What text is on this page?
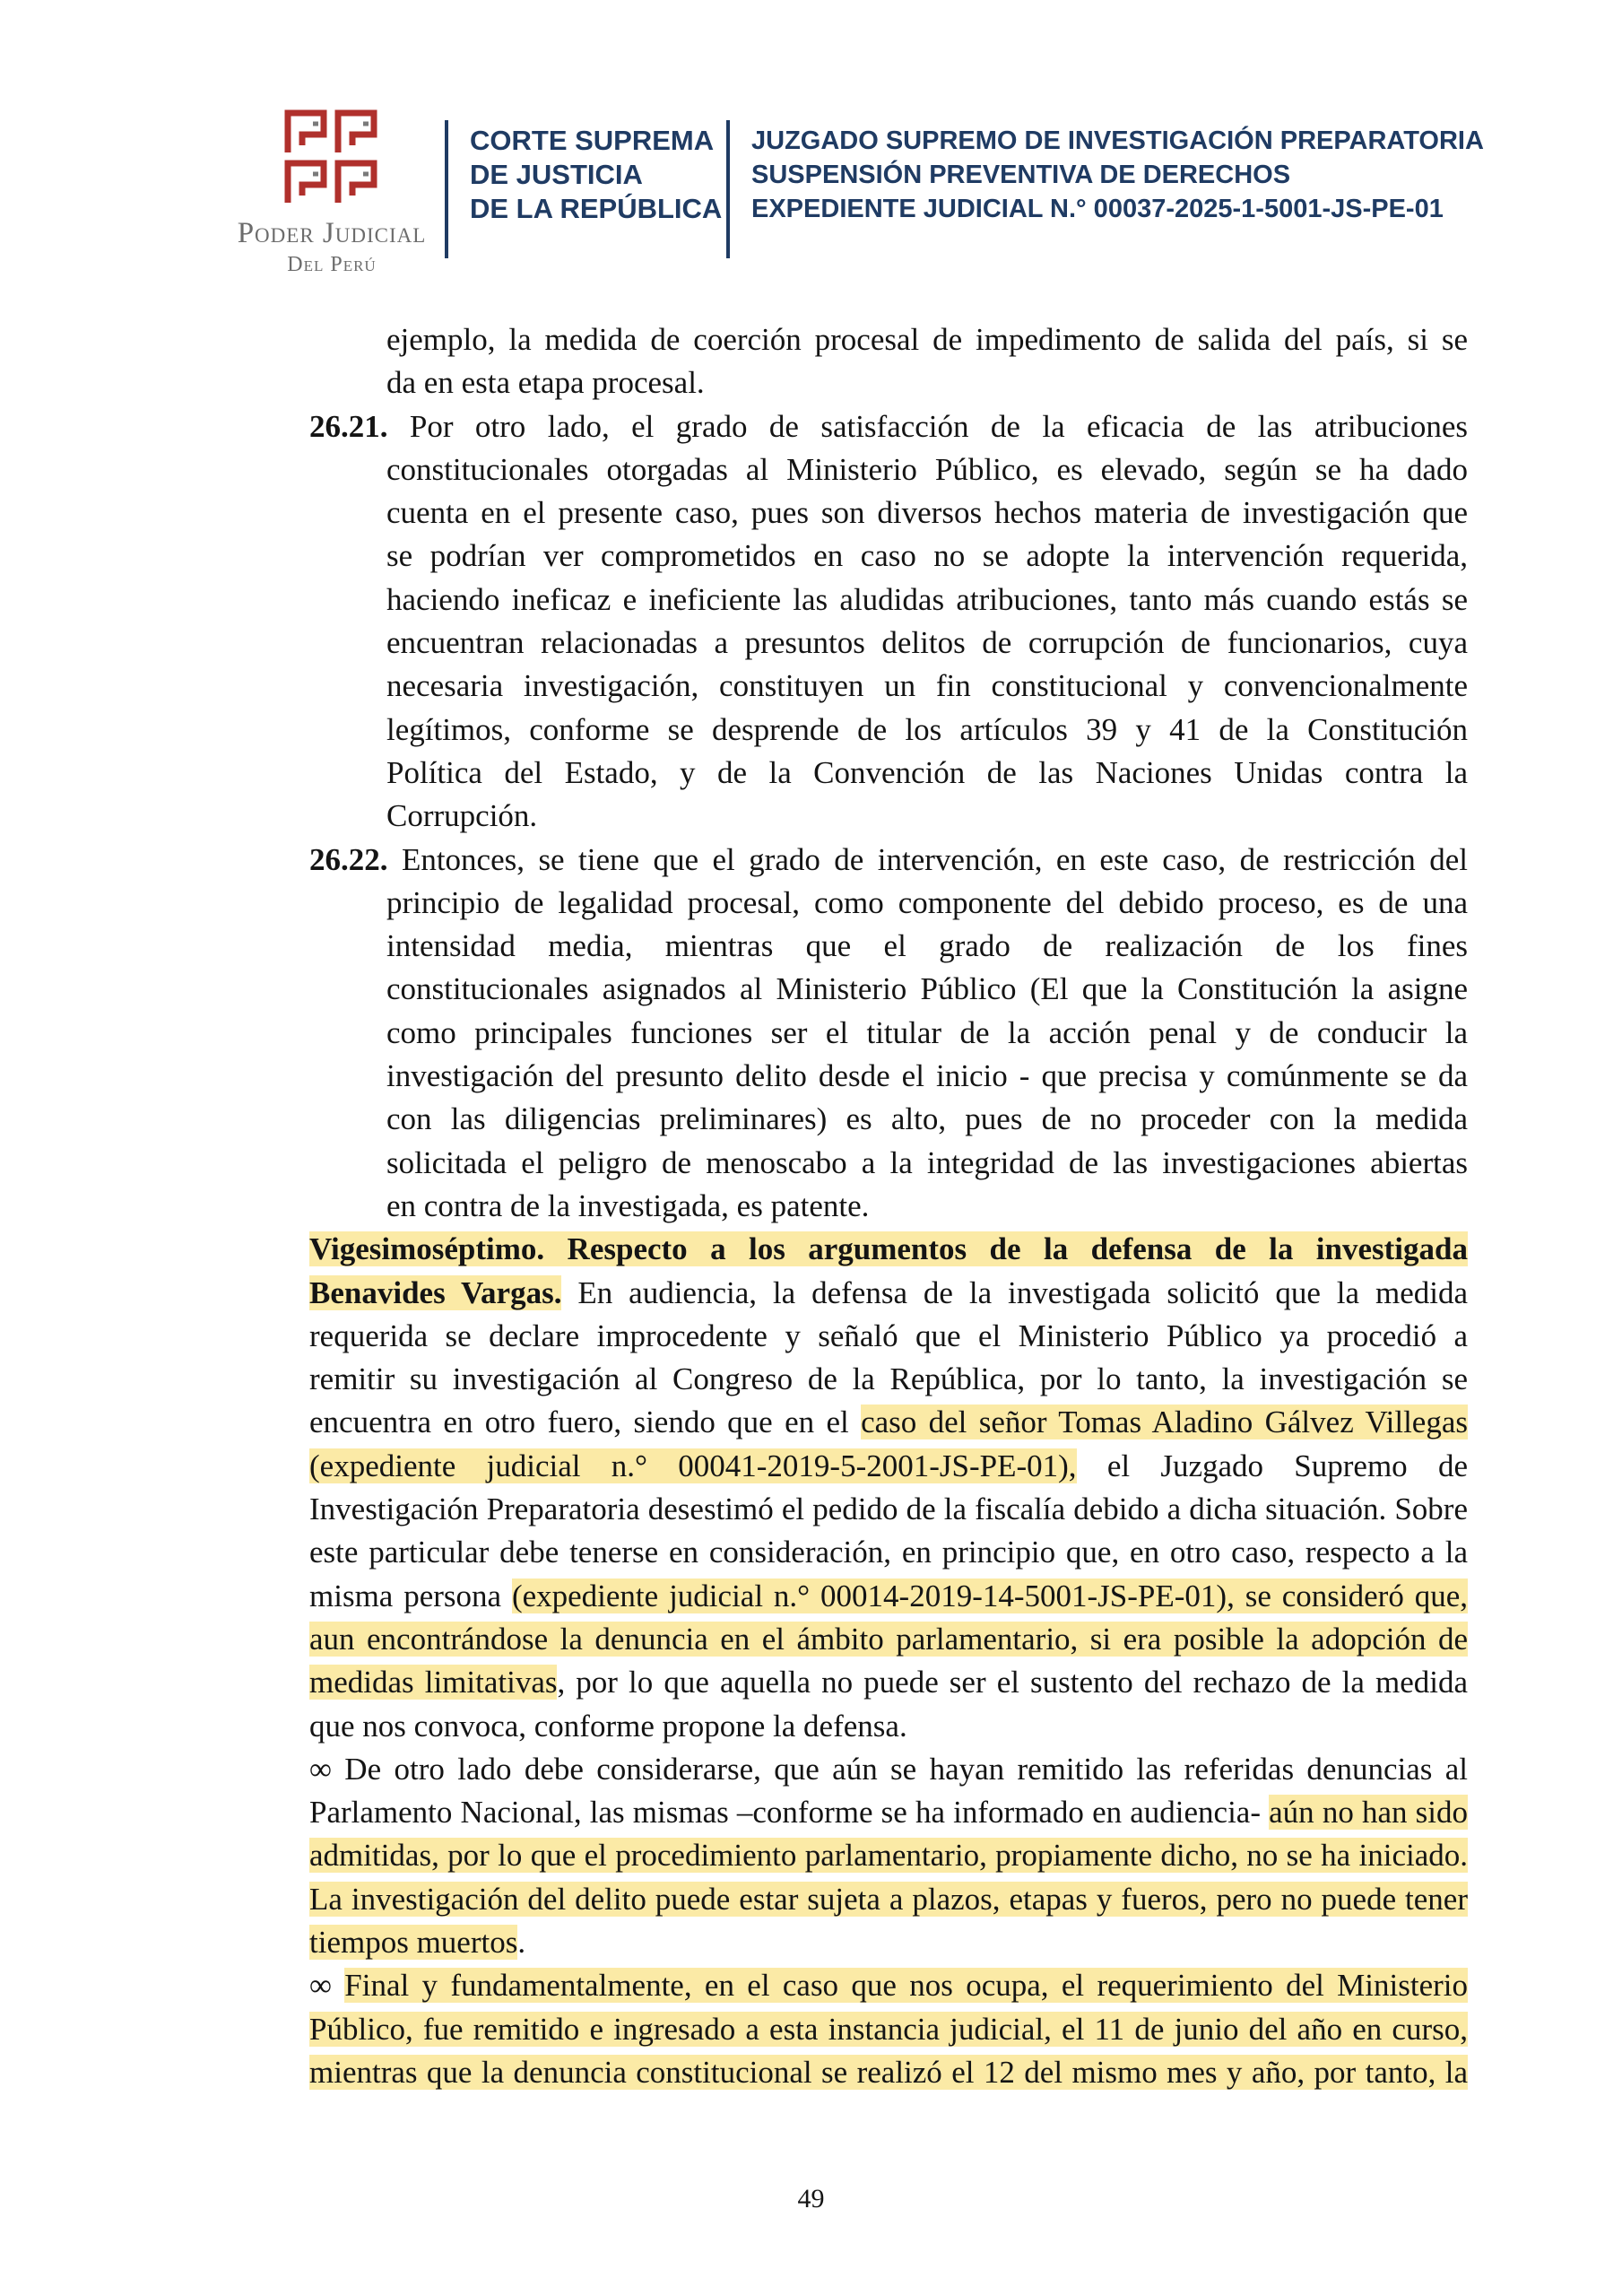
Poder Judicial
Del Perú
CORTE SUPREMA
DE JUSTICIA
DE LA REPÚBLICA
JUZGADO SUPREMO DE INVESTIGACIÓN PREPARATORIA
SUSPENSIÓN PREVENTIVA DE DERECHOS
EXPEDIENTE JUDICIAL N.° 00037-2025-1-5001-JS-PE-01
ejemplo, la medida de coerción procesal de impedimento de salida del país, si se
da en esta etapa procesal.
26.21. Por otro lado, el grado de satisfacción de la eficacia de las atribuciones
constitucionales otorgadas al Ministerio Público, es elevado, según se ha dado
cuenta en el presente caso, pues son diversos hechos materia de investigación que
se podrían ver comprometidos en caso no se adopte la intervención requerida,
haciendo ineficaz e ineficiente las aludidas atribuciones, tanto más cuando estás se
encuentran relacionadas a presuntos delitos de corrupción de funcionarios, cuya
necesaria investigación, constituyen un fin constitucional y convencionalmente
legítimos, conforme se desprende de los artículos 39 y 41 de la Constitución
Política del Estado, y de la Convención de las Naciones Unidas contra la
Corrupción.
26.22. Entonces, se tiene que el grado de intervención, en este caso, de restricción del
principio de legalidad procesal, como componente del debido proceso, es de una
intensidad media, mientras que el grado de realización de los fines
constitucionales asignados al Ministerio Público (El que la Constitución la asigne
como principales funciones ser el titular de la acción penal y de conducir la
investigación del presunto delito desde el inicio - que precisa y comúnmente se da
con las diligencias preliminares) es alto, pues de no proceder con la medida
solicitada el peligro de menoscabo a la integridad de las investigaciones abiertas
en contra de la investigada, es patente.
Vigesimoséptimo. Respecto a los argumentos de la defensa de la investigada
Benavides Vargas. En audiencia, la defensa de la investigada solicitó que la medida
requerida se declare improcedente y señaló que el Ministerio Público ya procedió a
remitir su investigación al Congreso de la República, por lo tanto, la investigación se
encuentra en otro fuero, siendo que en el caso del señor Tomas Aladino Gálvez Villegas
(expediente judicial n.° 00041-2019-5-2001-JS-PE-01), el Juzgado Supremo de
Investigación Preparatoria desestimó el pedido de la fiscalía debido a dicha situación. Sobre
este particular debe tenerse en consideración, en principio que, en otro caso, respecto a la
misma persona (expediente judicial n.° 00014-2019-14-5001-JS-PE-01), se consideró que,
aun encontrándose la denuncia en el ámbito parlamentario, si era posible la adopción de
medidas limitativas, por lo que aquella no puede ser el sustento del rechazo de la medida
que nos convoca, conforme propone la defensa.
∞ De otro lado debe considerarse, que aún se hayan remitido las referidas denuncias al
Parlamento Nacional, las mismas –conforme se ha informado en audiencia- aún no han sido
admitidas, por lo que el procedimiento parlamentario, propiamente dicho, no se ha iniciado.
La investigación del delito puede estar sujeta a plazos, etapas y fueros, pero no puede tener
tiempos muertos.
∞ Final y fundamentalmente, en el caso que nos ocupa, el requerimiento del Ministerio
Público, fue remitido e ingresado a esta instancia judicial, el 11 de junio del año en curso,
mientras que la denuncia constitucional se realizó el 12 del mismo mes y año, por tanto, la
49
